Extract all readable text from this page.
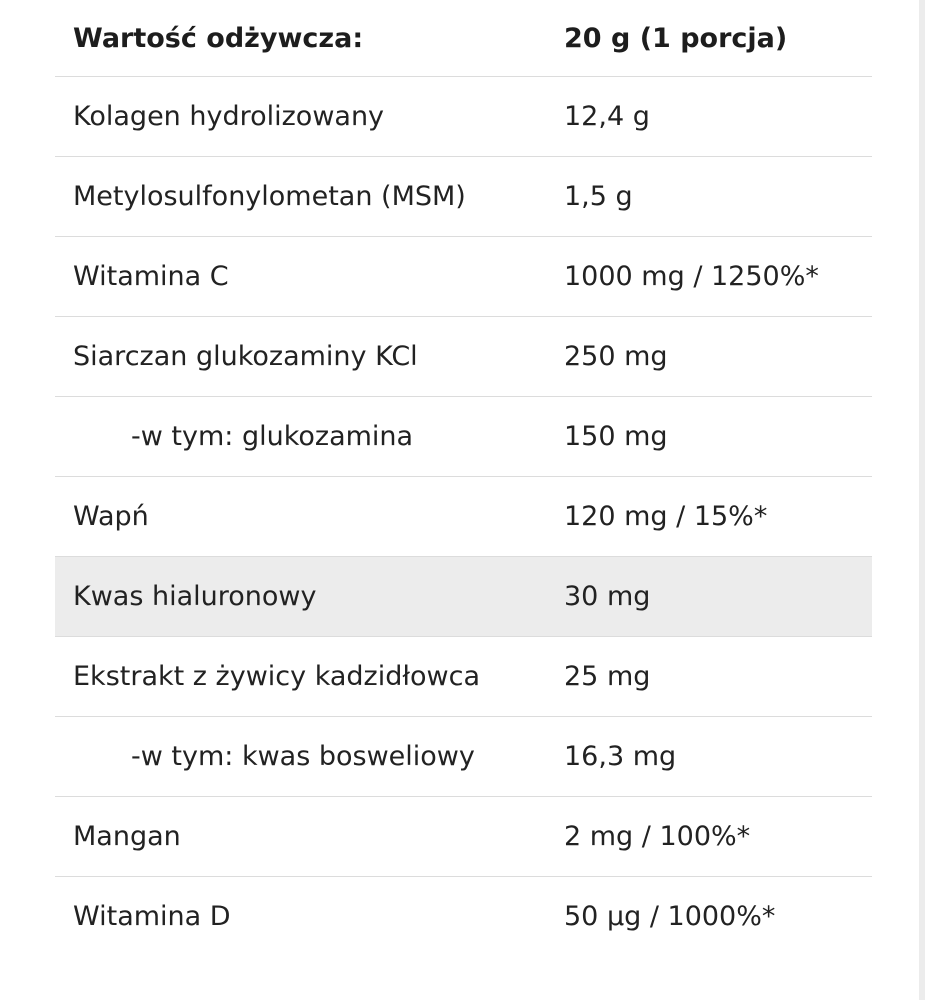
Wartość odżywcza:	20 g (1 porcja)
Kolagen hydrolizowany	12,4 g
Metylosulfonylometan (MSM)	1,5 g
Witamina C	1000 mg / 1250%*
Siarczan glukozaminy KCl	250 mg
-w tym: glukozamina	150 mg
Wapń	120 mg / 15%*
Kwas hialuronowy	30 mg
Ekstrakt z żywicy kadzidłowca	25 mg
-w tym: kwas bosweliowy	16,3 mg
Mangan	2 mg / 100%*
Witamina D	50 µg / 1000%*
